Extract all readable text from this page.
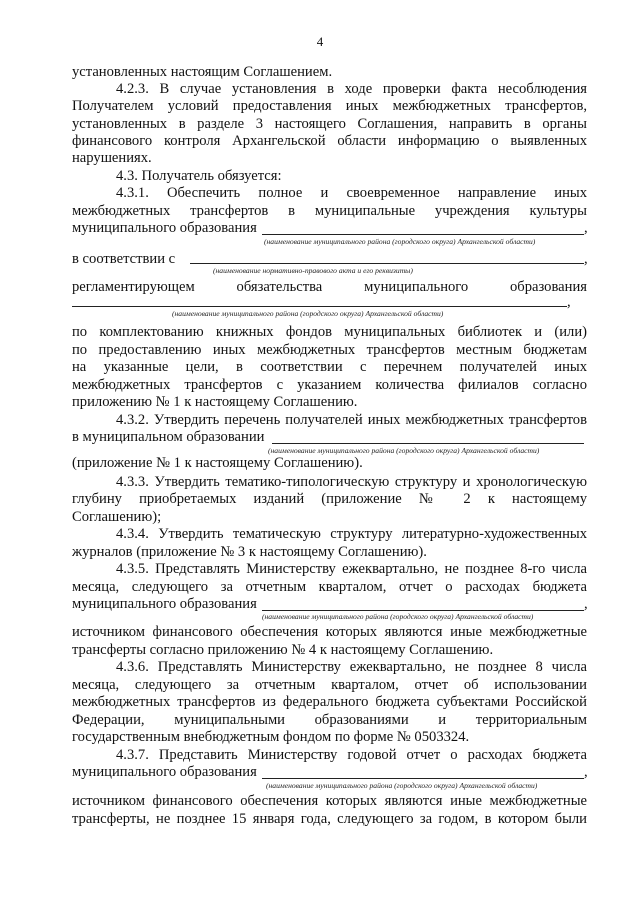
4
установленных настоящим Соглашением.
4.2.3. В случае установления в ходе проверки факта несоблюдения
Получателем условий предоставления иных межбюджетных трансфертов,
установленных в разделе 3 настоящего Соглашения, направить в органы
финансового контроля Архангельской области информацию о выявленных
нарушениях.
4.3. Получатель обязуется:
4.3.1. Обеспечить полное и своевременное направление иных
межбюджетных трансфертов в муниципальные учреждения культуры
муниципального образования	,
(наименование муниципального района (городского округа) Архангельской области)
в соответствии с	,
(наименование нормативно-правового акта и его реквизиты)
регламентирующем обязательства муниципального образования
,
(наименование муниципального района (городского округа) Архангельской области)
по комплектованию книжных фондов муниципальных библиотек и (или)
по предоставлению иных межбюджетных трансфертов местным бюджетам
на указанные цели, в соответствии с перечнем получателей иных
межбюджетных трансфертов с указанием количества филиалов согласно
приложению № 1 к настоящему Соглашению.
4.3.2. Утвердить перечень получателей иных межбюджетных трансфертов
в муниципальном образовании
(наименование муниципального района (городского округа) Архангельской области)
(приложение № 1 к настоящему Соглашению).
4.3.3. Утвердить тематико-типологическую структуру и хронологическую
глубину приобретаемых изданий (приложение № 2 к настоящему
Соглашению);
4.3.4. Утвердить тематическую структуру литературно-художественных
журналов (приложение № 3 к настоящему Соглашению).
4.3.5. Представлять Министерству ежеквартально, не позднее 8-го числа
месяца, следующего за отчетным кварталом, отчет о расходах бюджета
муниципального образования	,
(наименование муниципального района (городского округа) Архангельской области)
источником финансового обеспечения которых являются иные межбюджетные
трансферты согласно приложению № 4 к настоящему Соглашению.
4.3.6. Представлять Министерству ежеквартально, не позднее 8 числа
месяца, следующего за отчетным кварталом, отчет об использовании
межбюджетных трансфертов из федерального бюджета субъектами Российской
Федерации, муниципальными образованиями и территориальным
государственным внебюджетным фондом по форме № 0503324.
4.3.7. Представить Министерству годовой отчет о расходах бюджета
муниципального образования	,
(наименование муниципального района (городского округа) Архангельской области)
источником финансового обеспечения которых являются иные межбюджетные
трансферты, не позднее 15 января года, следующего за годом, в котором были
